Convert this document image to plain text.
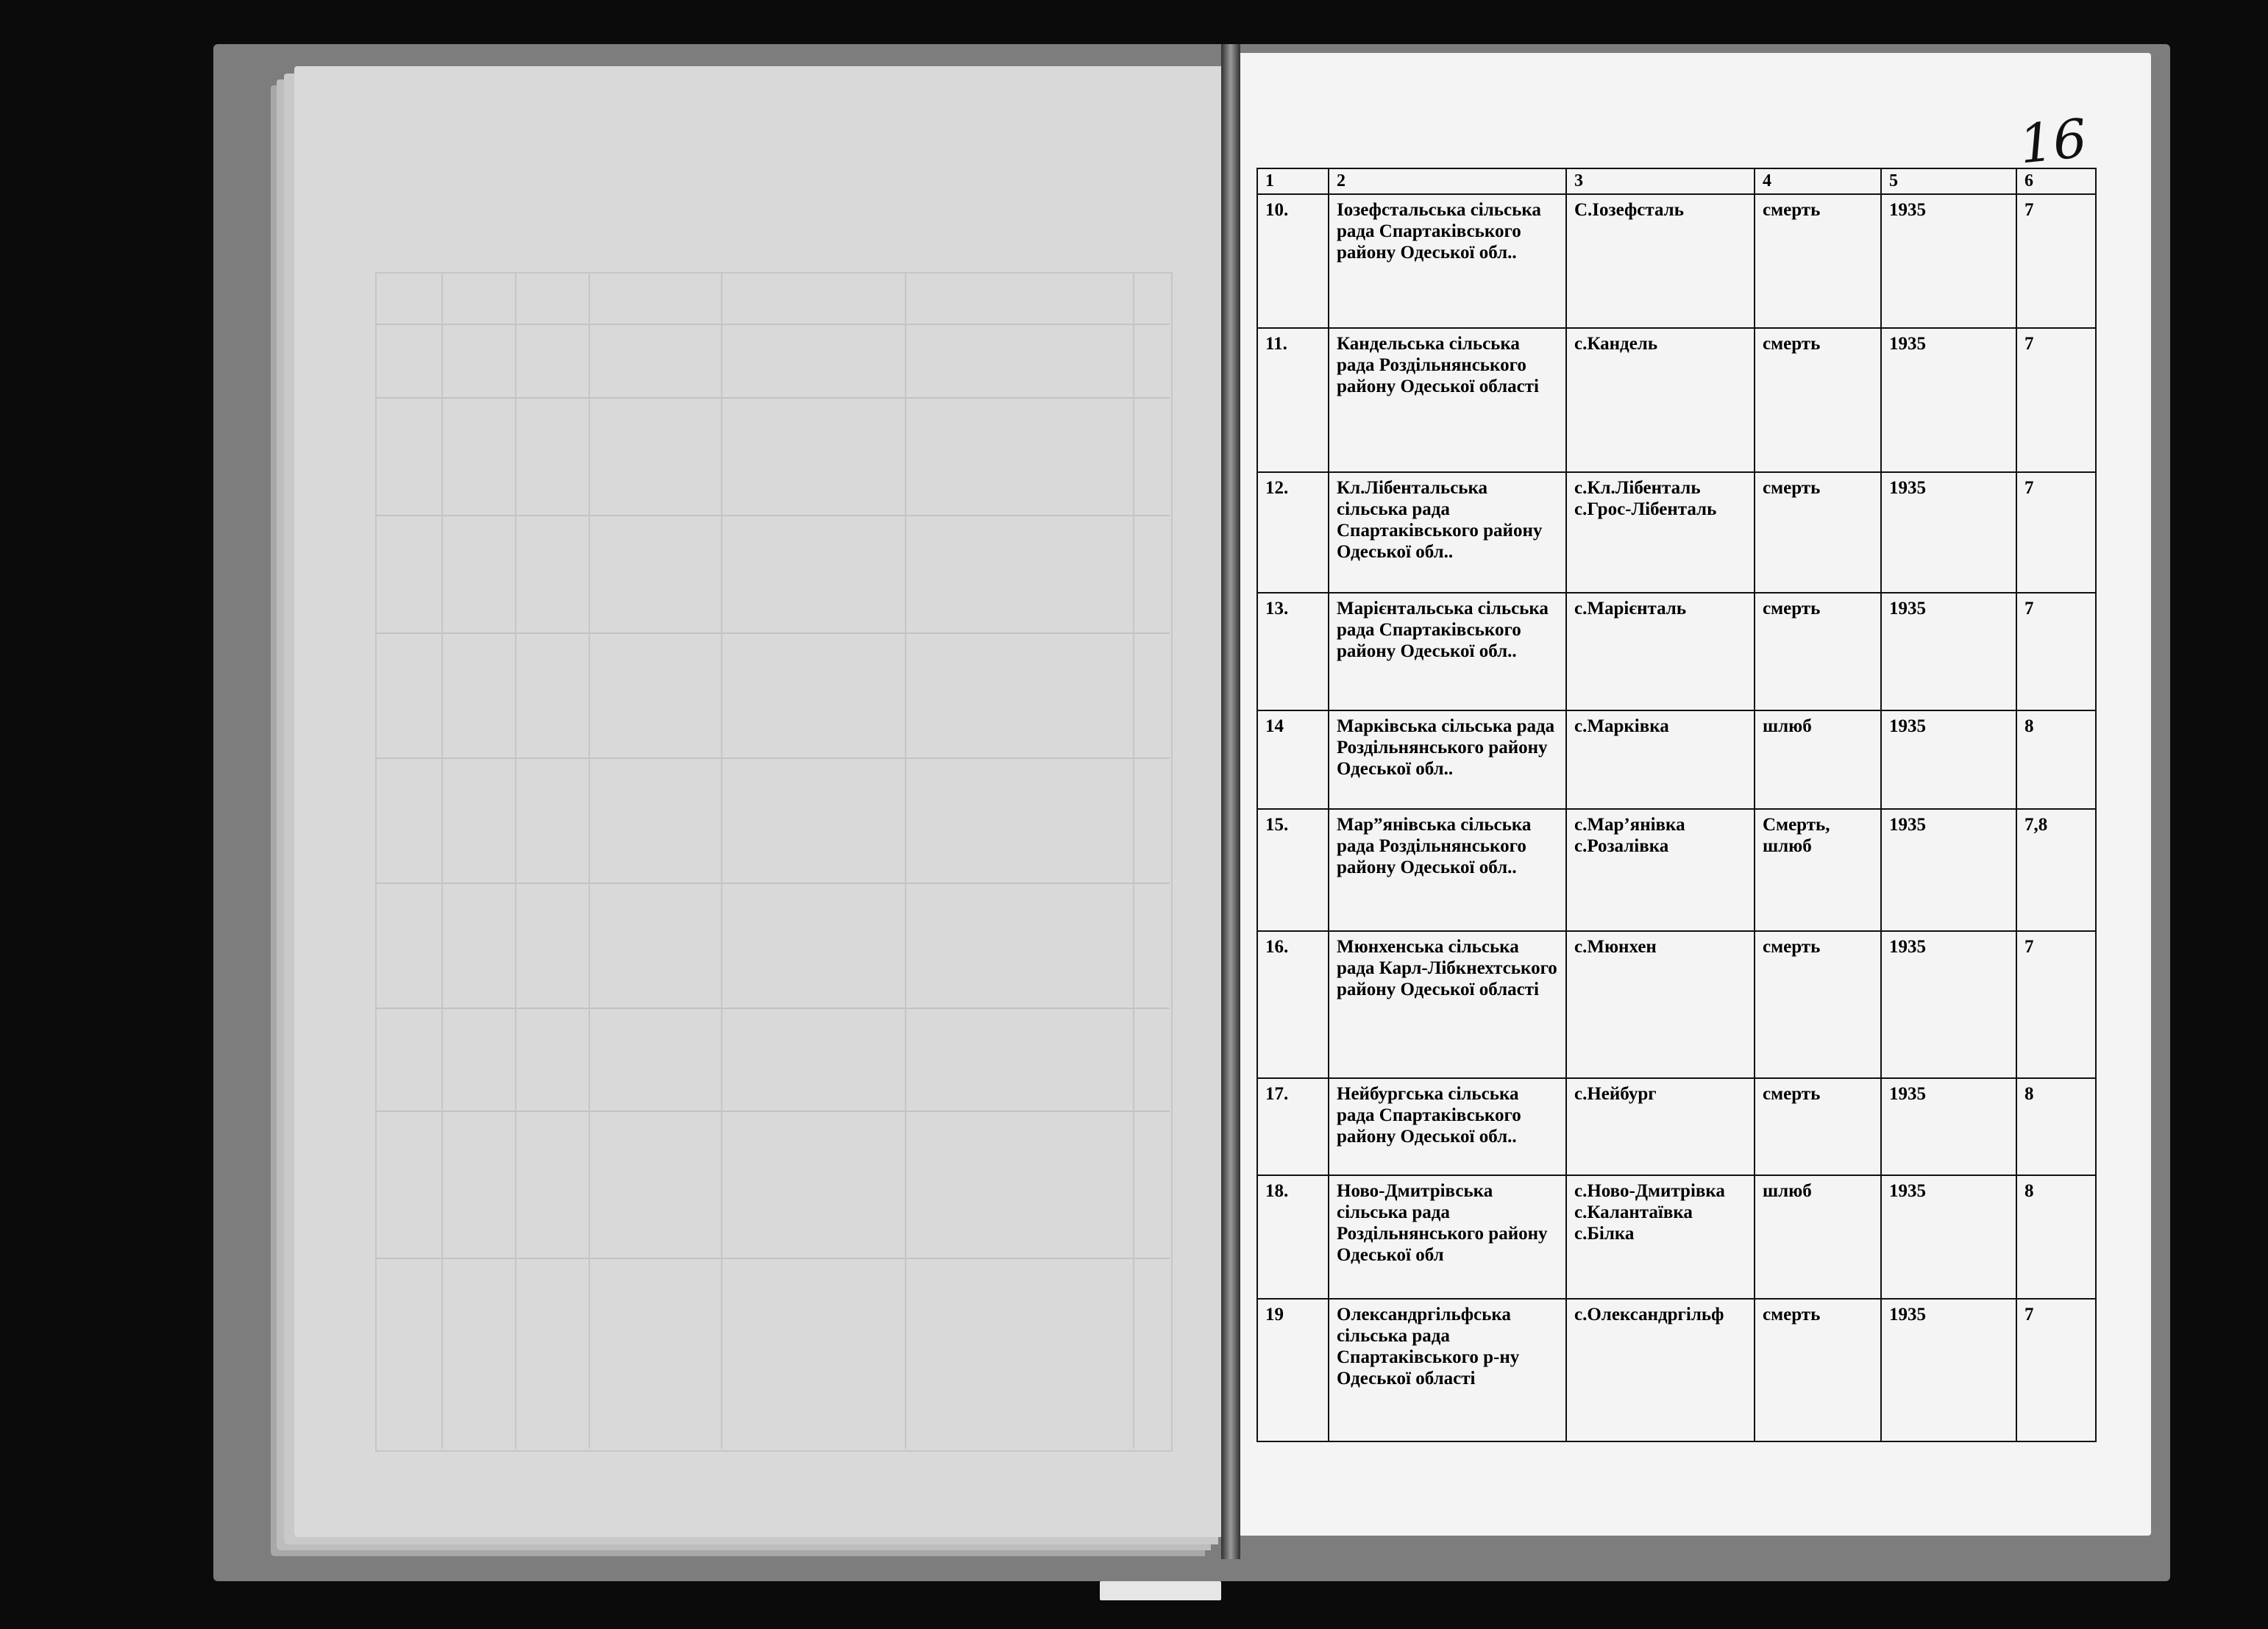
16
1	2	3	4	5	6
10.	Іозефстальська сільська рада Спартаківського району Одеської обл..	С.Іозефсталь	смерть	1935	7
11.	Кандельська сільська рада Роздільнянського району Одеської області	с.Кандель	смерть	1935	7
12.	Кл.Лібентальська сільська рада Спартаківського району Одеської обл..	с.Кл.Лібенталь с.Грос-Лібенталь	смерть	1935	7
13.	Марієнтальська сільська рада Спартаківського району Одеської обл..	с.Марієнталь	смерть	1935	7
14	Марківська сільська рада Роздільнянського району Одеської обл..	с.Марківка	шлюб	1935	8
15.	Мар”янівська сільська рада Роздільнянського району Одеської обл..	с.Мар’янівка с.Розалівка	Смерть, шлюб	1935	7,8
16.	Мюнхенська сільська рада Карл-Лібкнехтського району Одеської області	с.Мюнхен	смерть	1935	7
17.	Нейбургська сільська рада Спартаківського району Одеської обл..	с.Нейбург	смерть	1935	8
18.	Ново-Дмитрівська сільська рада Роздільнянського району Одеської обл	с.Ново-Дмитрівка с.Калантаївка с.Білка	шлюб	1935	8
19	Олександргільфська сільська рада Спартаківського р-ну Одеської області	с.Олександргільф	смерть	1935	7
